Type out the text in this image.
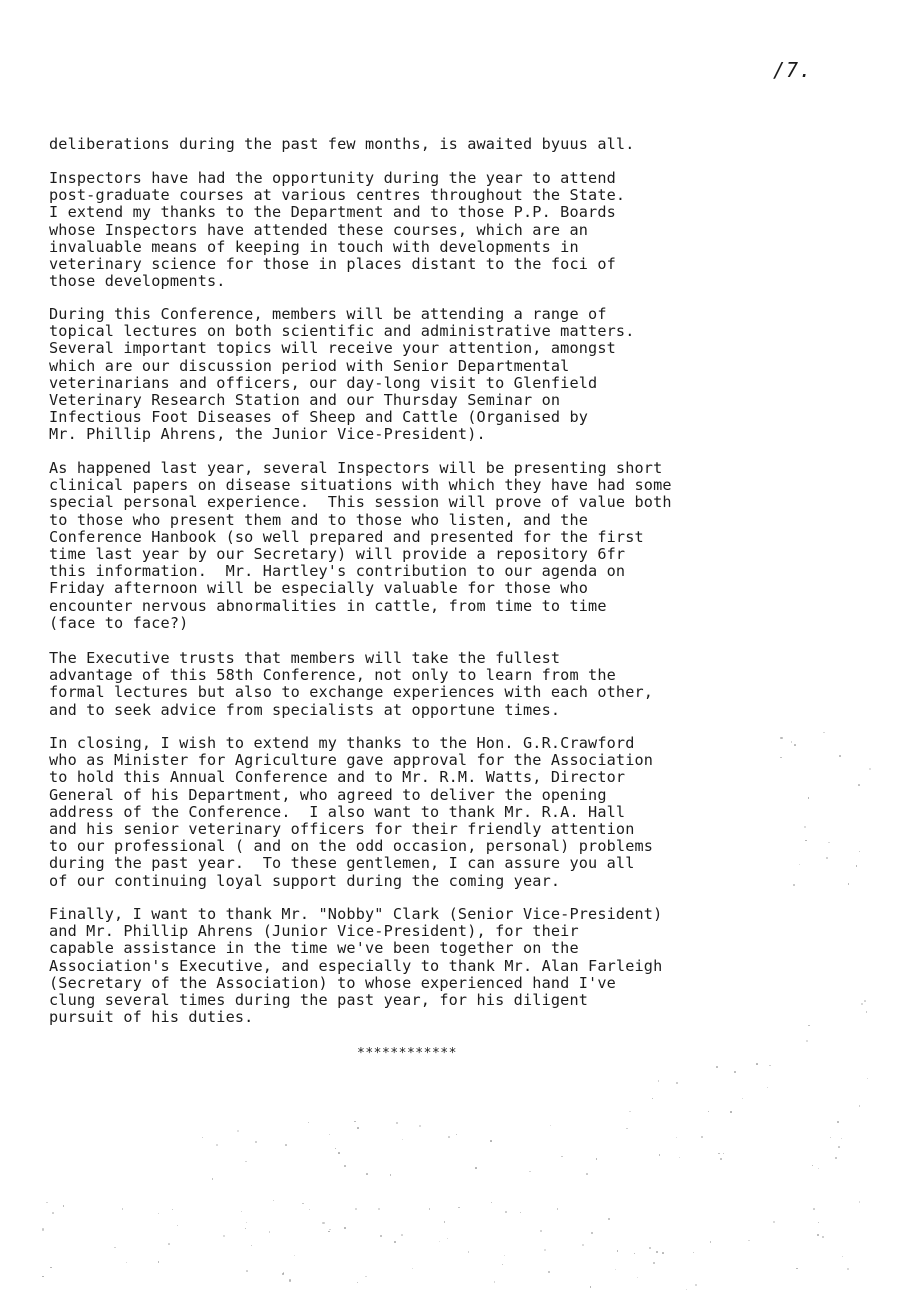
/7.

deliberations during the past few months, is awaited byuus all.

Inspectors have had the opportunity during the year to attend
post-graduate courses at various centres throughout the State.
I extend my thanks to the Department and to those P.P. Boards
whose Inspectors have attended these courses, which are an
invaluable means of keeping in touch with developments in
veterinary science for those in places distant to the foci of
those developments.

During this Conference, members will be attending a range of
topical lectures on both scientific and administrative matters.
Several important topics will receive your attention, amongst
which are our discussion period with Senior Departmental
veterinarians and officers, our day-long visit to Glenfield
Veterinary Research Station and our Thursday Seminar on
Infectious Foot Diseases of Sheep and Cattle (Organised by
Mr. Phillip Ahrens, the Junior Vice-President).

As happened last year, several Inspectors will be presenting short
clinical papers on disease situations with which they have had some
special personal experience.  This session will prove of value both
to those who present them and to those who listen, and the
Conference Hanbook (so well prepared and presented for the first
time last year by our Secretary) will provide a repository 6fr
this information.  Mr. Hartley's contribution to our agenda on
Friday afternoon will be especially valuable for those who
encounter nervous abnormalities in cattle, from time to time
(face to face?)

The Executive trusts that members will take the fullest
advantage of this 58th Conference, not only to learn from the
formal lectures but also to exchange experiences with each other,
and to seek advice from specialists at opportune times.

In closing, I wish to extend my thanks to the Hon. G.R.Crawford
who as Minister for Agriculture gave approval for the Association
to hold this Annual Conference and to Mr. R.M. Watts, Director
General of his Department, who agreed to deliver the opening
address of the Conference.  I also want to thank Mr. R.A. Hall
and his senior veterinary officers for their friendly attention
to our professional ( and on the odd occasion, personal) problems
during the past year.  To these gentlemen, I can assure you all
of our continuing loyal support during the coming year.

Finally, I want to thank Mr. "Nobby" Clark (Senior Vice-President)
and Mr. Phillip Ahrens (Junior Vice-President), for their
capable assistance in the time we've been together on the
Association's Executive, and especially to thank Mr. Alan Farleigh
(Secretary of the Association) to whose experienced hand I've
clung several times during the past year, for his diligent
pursuit of his duties.

************
